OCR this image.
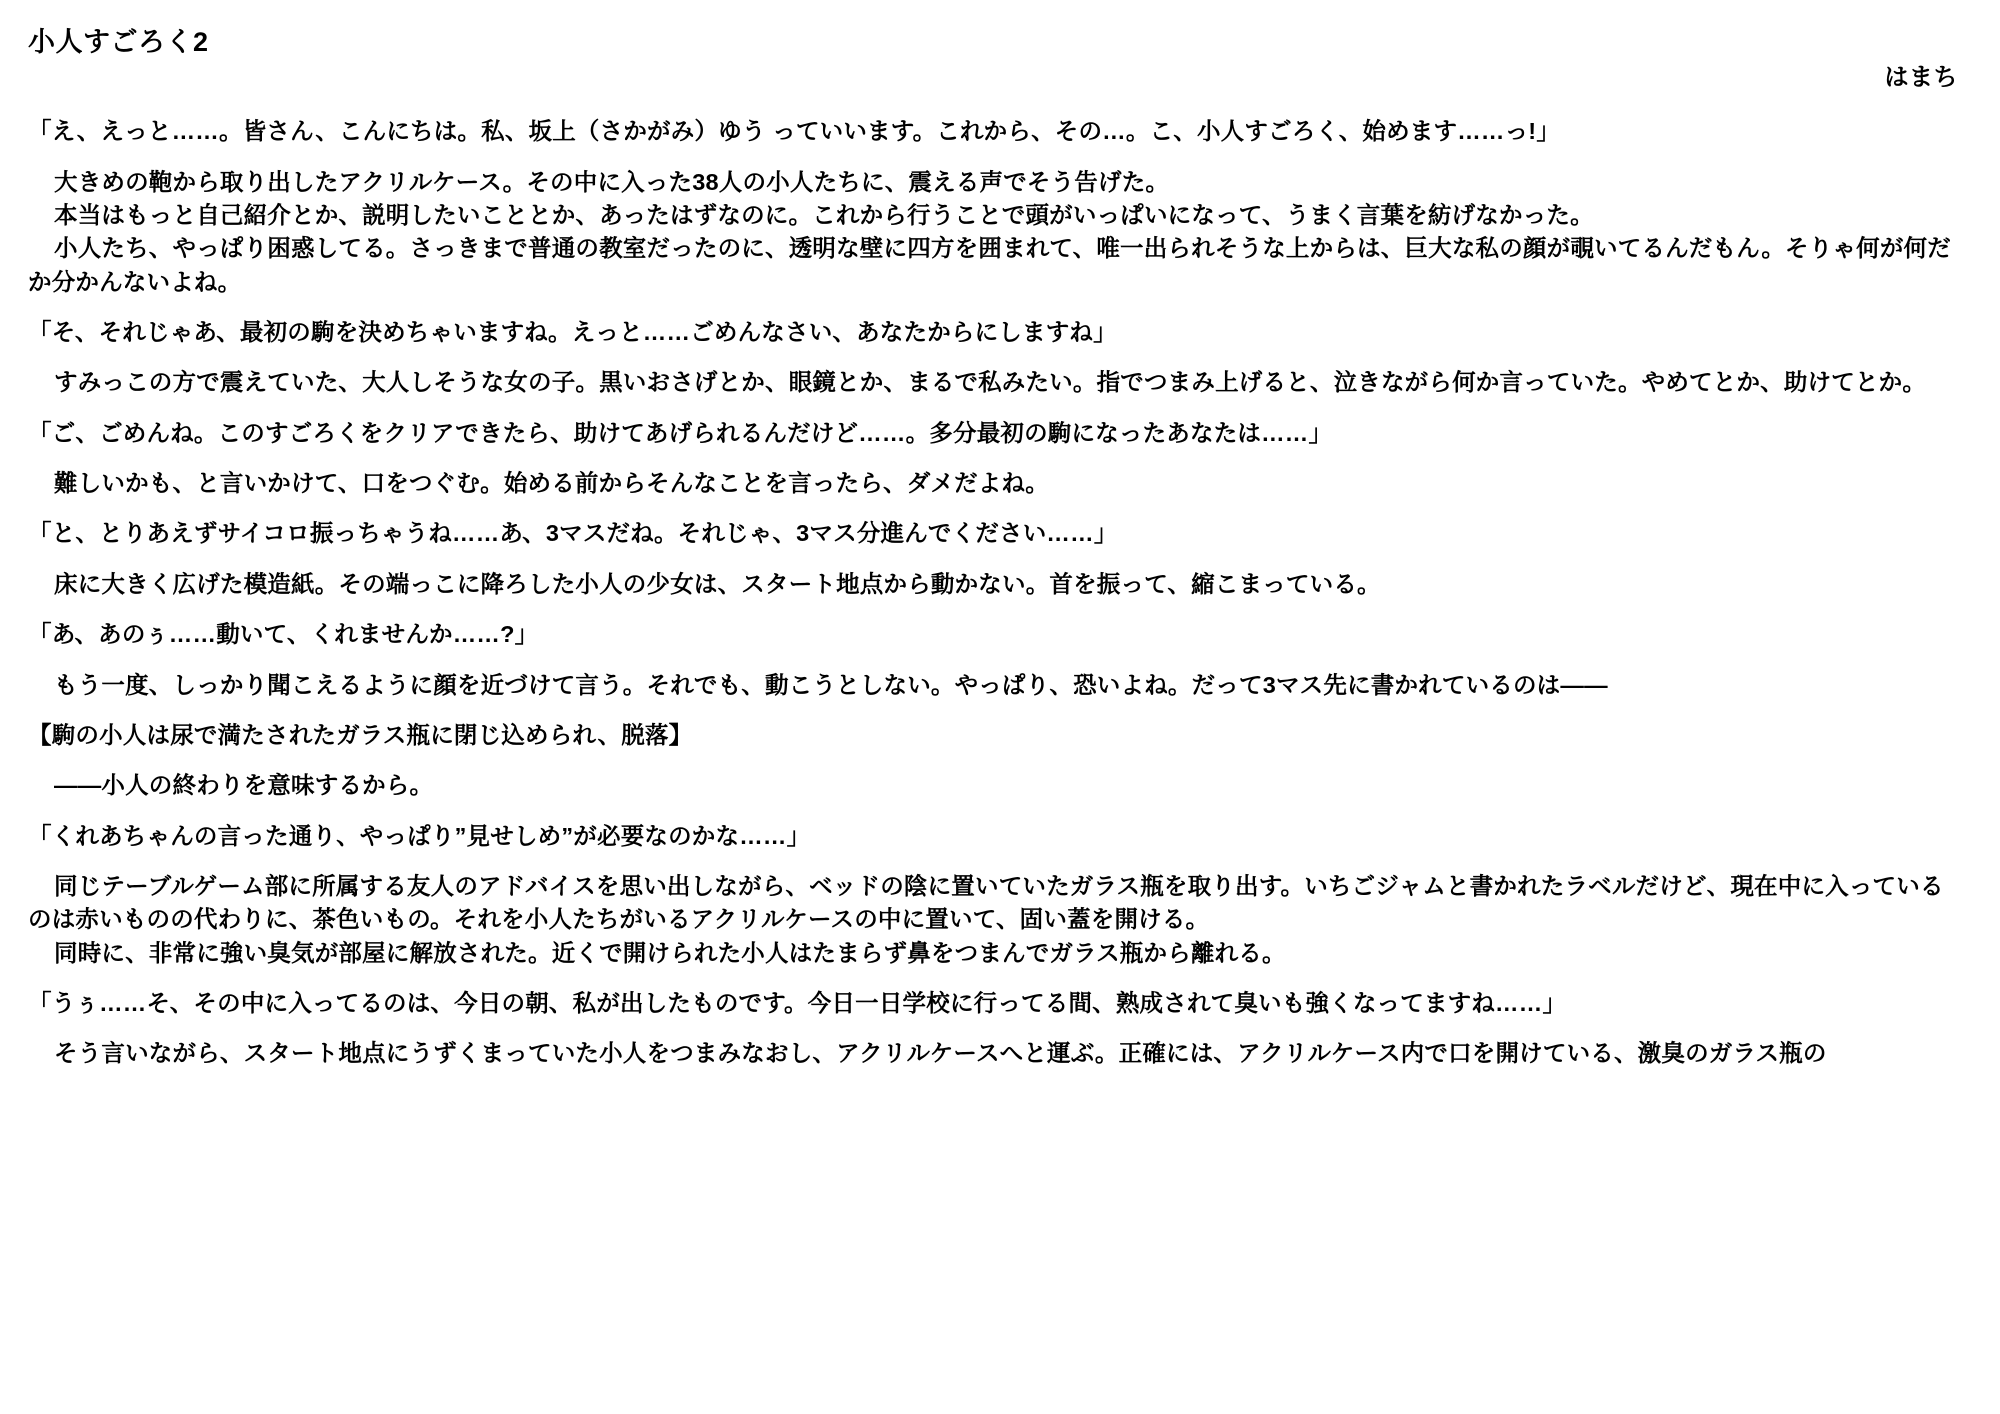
小人すごろく2
はまち

「え、えっと……。皆さん、こんにちは。私、坂上（さかがみ）ゆう っていいます。これから、その…。こ、小人すごろく、始めます……っ!」

大きめの鞄から取り出したアクリルケース。その中に入った38人の小人たちに、震える声でそう告げた。

本当はもっと自己紹介とか、説明したいこととか、あったはずなのに。これから行うことで頭がいっぱいになって、うまく言葉を紡げなかった。

小人たち、やっぱり困惑してる。さっきまで普通の教室だったのに、透明な壁に四方を囲まれて、唯一出られそうな上からは、巨大な私の顔が覗いてるんだもん。そりゃ何が何だか分かんないよね。

「そ、それじゃあ、最初の駒を決めちゃいますね。えっと……ごめんなさい、あなたからにしますね」

すみっこの方で震えていた、大人しそうな女の子。黒いおさげとか、眼鏡とか、まるで私みたい。指でつまみ上げると、泣きながら何か言っていた。やめてとか、助けてとか。

「ご、ごめんね。このすごろくをクリアできたら、助けてあげられるんだけど……。多分最初の駒になったあなたは……」

難しいかも、と言いかけて、口をつぐむ。始める前からそんなことを言ったら、ダメだよね。

「と、とりあえずサイコロ振っちゃうね……あ、3マスだね。それじゃ、3マス分進んでください……」

床に大きく広げた模造紙。その端っこに降ろした小人の少女は、スタート地点から動かない。首を振って、縮こまっている。

「あ、あのぅ……動いて、くれませんか……?」

もう一度、しっかり聞こえるように顔を近づけて言う。それでも、動こうとしない。やっぱり、恐いよね。だって3マス先に書かれているのは——

【駒の小人は尿で満たされたガラス瓶に閉じ込められ、脱落】

——小人の終わりを意味するから。

「くれあちゃんの言った通り、やっぱり”見せしめ”が必要なのかな……」

同じテーブルゲーム部に所属する友人のアドバイスを思い出しながら、ベッドの陰に置いていたガラス瓶を取り出す。いちごジャムと書かれたラベルだけど、現在中に入っているのは赤いものの代わりに、茶色いもの。それを小人たちがいるアクリルケースの中に置いて、固い蓋を開ける。

同時に、非常に強い臭気が部屋に解放された。近くで開けられた小人はたまらず鼻をつまんでガラス瓶から離れる。

「うぅ……そ、その中に入ってるのは、今日の朝、私が出したものです。今日一日学校に行ってる間、熟成されて臭いも強くなってますね……」

そう言いながら、スタート地点にうずくまっていた小人をつまみなおし、アクリルケースへと運ぶ。正確には、アクリルケース内で口を開けている、激臭のガラス瓶の
